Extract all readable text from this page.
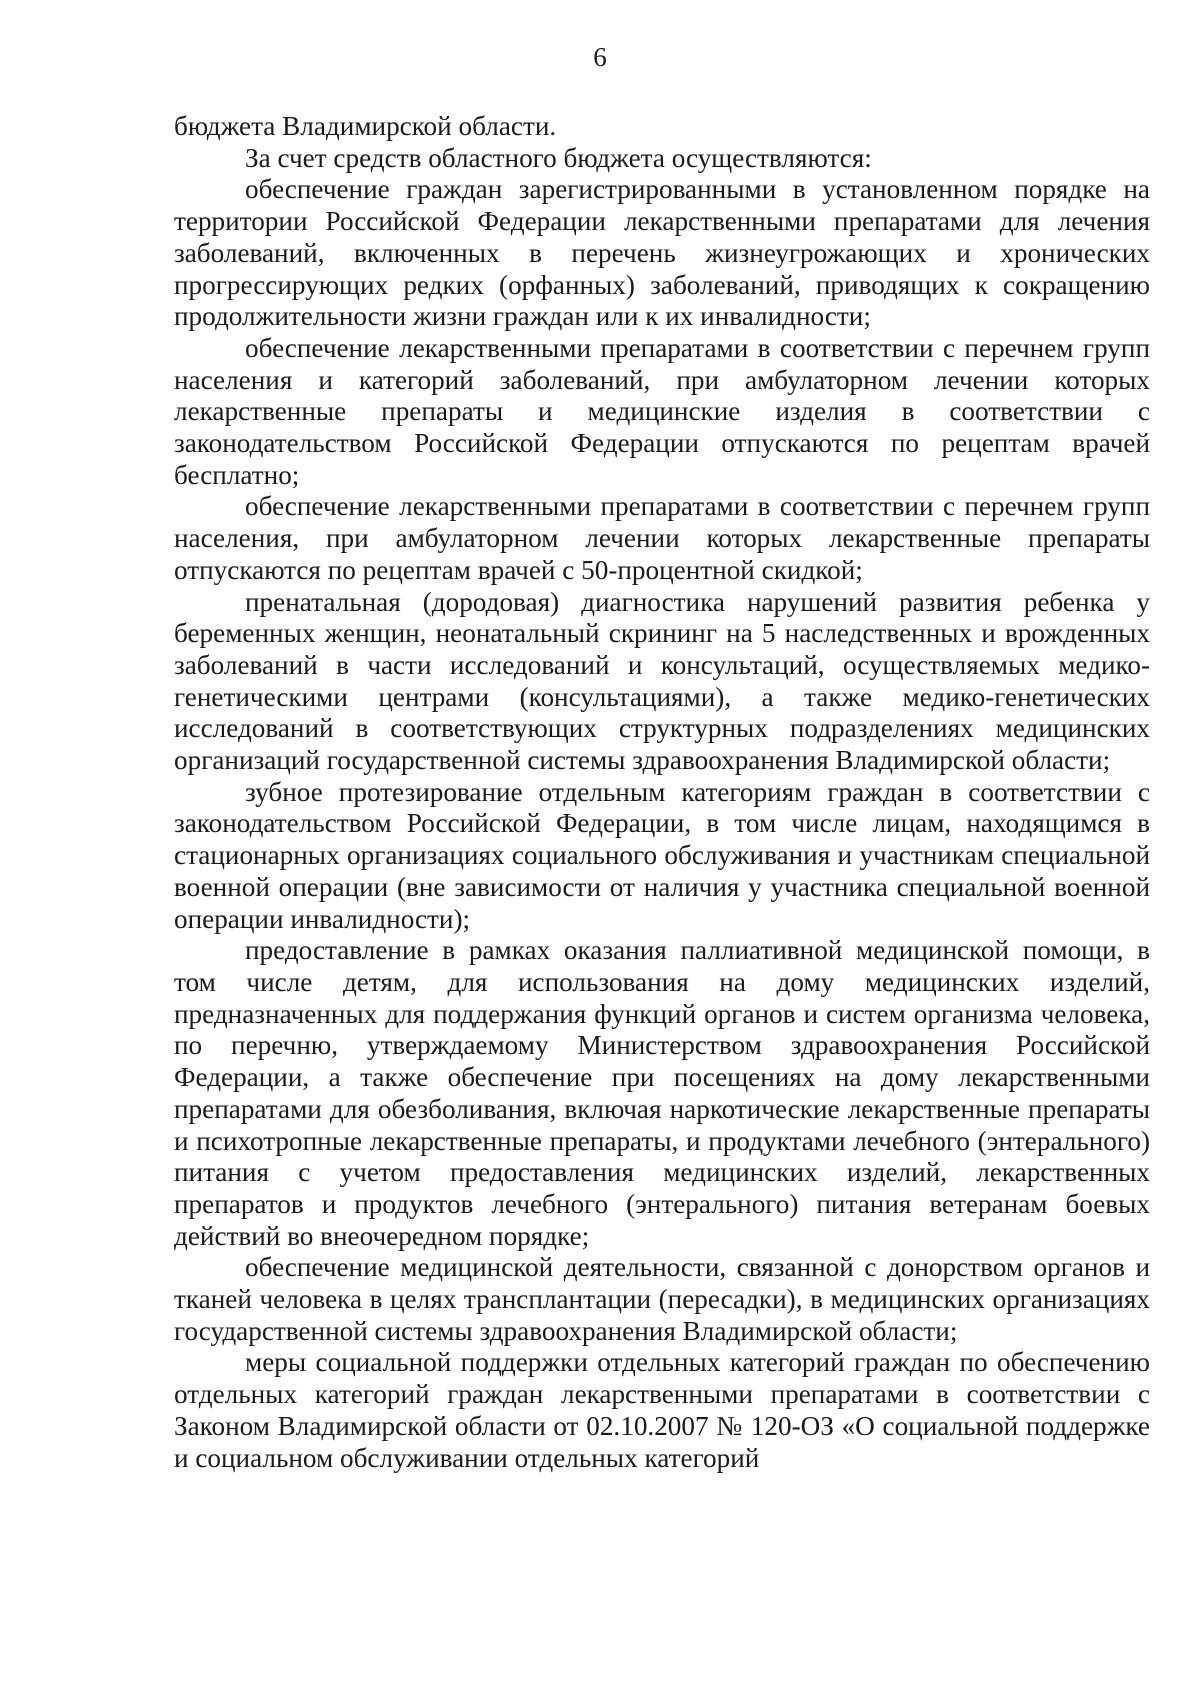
6

бюджета Владимирской области.

За счет средств областного бюджета осуществляются:

обеспечение граждан зарегистрированными в установленном порядке на территории Российской Федерации лекарственными препаратами для лечения заболеваний, включенных в перечень жизнеугрожающих и хронических прогрессирующих редких (орфанных) заболеваний, приводящих к сокращению продолжительности жизни граждан или к их инвалидности;

обеспечение лекарственными препаратами в соответствии с перечнем групп населения и категорий заболеваний, при амбулаторном лечении которых лекарственные препараты и медицинские изделия в соответствии с законодательством Российской Федерации отпускаются по рецептам врачей бесплатно;

обеспечение лекарственными препаратами в соответствии с перечнем групп населения, при амбулаторном лечении которых лекарственные препараты отпускаются по рецептам врачей с 50-процентной скидкой;

пренатальная (дородовая) диагностика нарушений развития ребенка у беременных женщин, неонатальный скрининг на 5 наследственных и врожденных заболеваний в части исследований и консультаций, осуществляемых медико-генетическими центрами (консультациями), а также медико-генетических исследований в соответствующих структурных подразделениях медицинских организаций государственной системы здравоохранения Владимирской области;

зубное протезирование отдельным категориям граждан в соответствии с законодательством Российской Федерации, в том числе лицам, находящимся в стационарных организациях социального обслуживания и участникам специальной военной операции (вне зависимости от наличия у участника специальной военной операции инвалидности);

предоставление в рамках оказания паллиативной медицинской помощи, в том числе детям, для использования на дому медицинских изделий, предназначенных для поддержания функций органов и систем организма человека, по перечню, утверждаемому Министерством здравоохранения Российской Федерации, а также обеспечение при посещениях на дому лекарственными препаратами для обезболивания, включая наркотические лекарственные препараты и психотропные лекарственные препараты, и продуктами лечебного (энтерального) питания с учетом предоставления медицинских изделий, лекарственных препаратов и продуктов лечебного (энтерального) питания ветеранам боевых действий во внеочередном порядке;

обеспечение медицинской деятельности, связанной с донорством органов и тканей человека в целях трансплантации (пересадки), в медицинских организациях государственной системы здравоохранения Владимирской области;

меры социальной поддержки отдельных категорий граждан по обеспечению отдельных категорий граждан лекарственными препаратами в соответствии с Законом Владимирской области от 02.10.2007 № 120-ОЗ «О социальной поддержке и социальном обслуживании отдельных категорий
